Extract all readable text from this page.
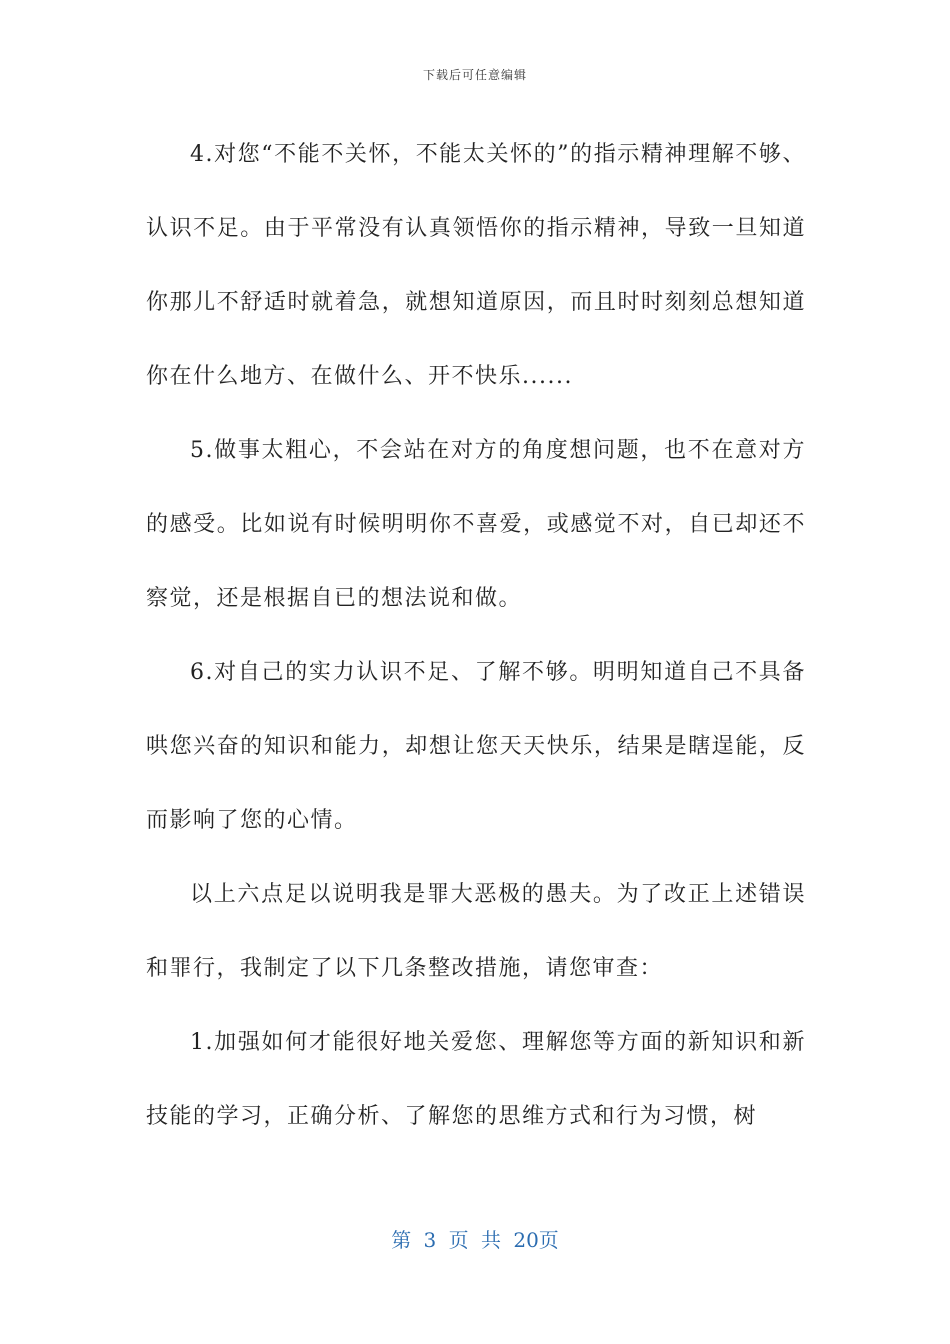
下载后可任意编辑

4.对您“不能不关怀，不能太关怀的”的指示精神理解不够、认识不足。由于平常没有认真领悟你的指示精神，导致一旦知道你那儿不舒适时就着急，就想知道原因，而且时时刻刻总想知道你在什么地方、在做什么、开不快乐......

5.做事太粗心，不会站在对方的角度想问题，也不在意对方的感受。比如说有时候明明你不喜爱，或感觉不对，自已却还不察觉，还是根据自已的想法说和做。

6.对自己的实力认识不足、了解不够。明明知道自己不具备哄您兴奋的知识和能力，却想让您天天快乐，结果是瞎逞能，反而影响了您的心情。

以上六点足以说明我是罪大恶极的愚夫。为了改正上述错误和罪行，我制定了以下几条整改措施，请您审查：

1.加强如何才能很好地关爱您、理解您等方面的新知识和新技能的学习，正确分析、了解您的思维方式和行为习惯，树

第 3 页 共 20页
